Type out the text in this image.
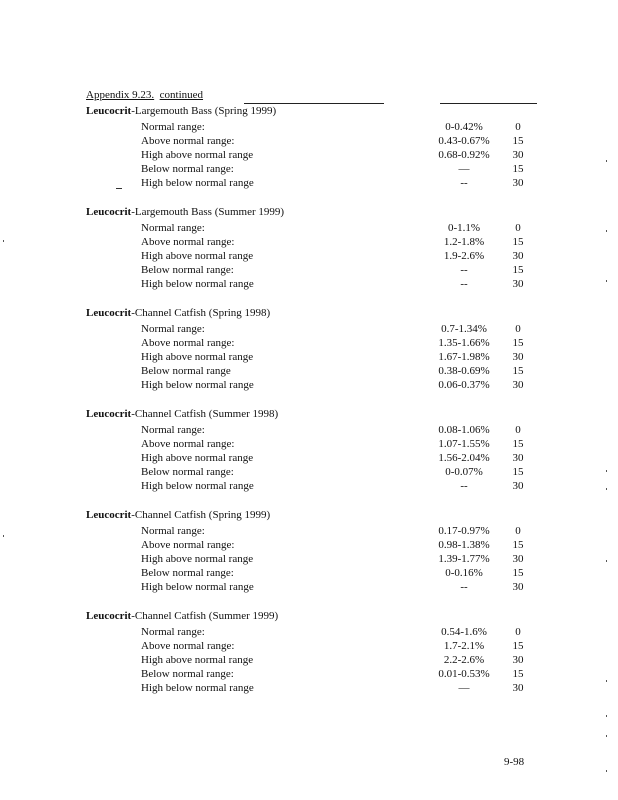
Appendix 9.23. continued
Leucocrit-Largemouth Bass (Spring 1999)
Normal range:	0-0.42%	0
Above normal range:	0.43-0.67%	15
High above normal range	0.68-0.92%	30
Below normal range:	—	15
High below normal range	--	30
Leucocrit-Largemouth Bass (Summer 1999)
Normal range:	0-1.1%	0
Above normal range:	1.2-1.8%	15
High above normal range	1.9-2.6%	30
Below normal range:	--	15
High below normal range	--	30
Leucocrit-Channel Catfish (Spring 1998)
Normal range:	0.7-1.34%	0
Above normal range:	1.35-1.66%	15
High above normal range	1.67-1.98%	30
Below normal range	0.38-0.69%	15
High below normal range	0.06-0.37%	30
Leucocrit-Channel Catfish (Summer 1998)
Normal range:	0.08-1.06%	0
Above normal range:	1.07-1.55%	15
High above normal range	1.56-2.04%	30
Below normal range:	0-0.07%	15
High below normal range	--	30
Leucocrit-Channel Catfish (Spring 1999)
Normal range:	0.17-0.97%	0
Above normal range:	0.98-1.38%	15
High above normal range	1.39-1.77%	30
Below normal range:	0-0.16%	15
High below normal range	--	30
Leucocrit-Channel Catfish (Summer 1999)
Normal range:	0.54-1.6%	0
Above normal range:	1.7-2.1%	15
High above normal range	2.2-2.6%	30
Below normal range:	0.01-0.53%	15
High below normal range	—	30
9-98
